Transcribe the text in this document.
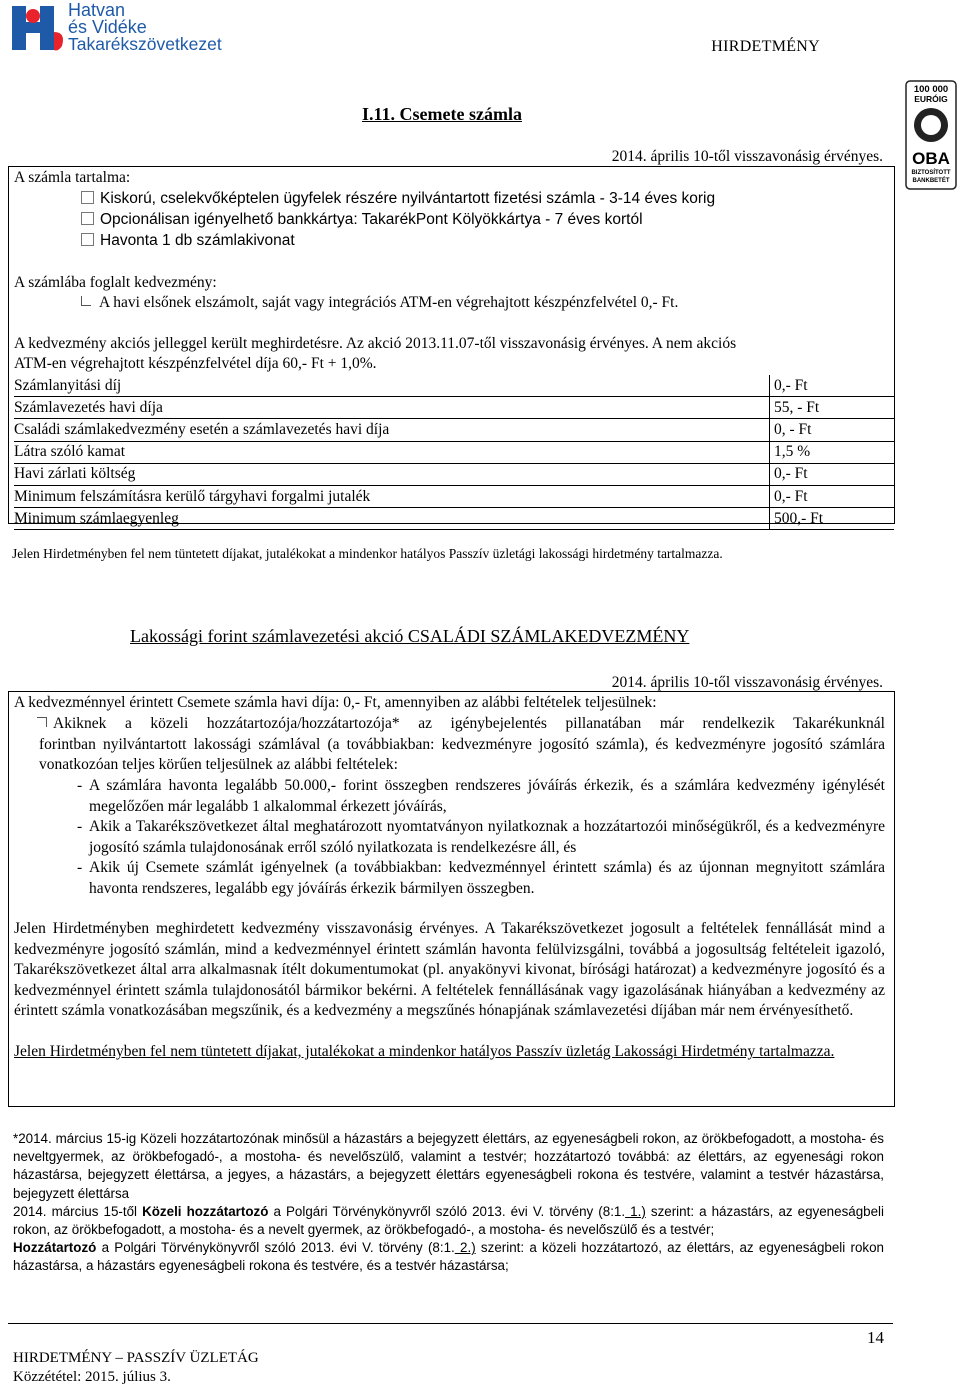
Hatvan
és Vidéke
Takarékszövetkezet	HIRDETMÉNY
100 000
EURÓIG
OBA
BIZTOSÍTOTT
BANKBETÉT
I.11. Csemete számla
2014. április 10-től visszavonásig érvényes.
A számla tartalma:
Kiskorú, cselekvőképtelen ügyfelek részére nyilvántartott fizetési számla - 3-14 éves korig
Opcionálisan igényelhető bankkártya: TakarékPont Kölyökkártya - 7 éves kortól
Havonta 1 db számlakivonat
A számlába foglalt kedvezmény:
A havi elsőnek elszámolt, saját vagy integrációs ATM-en végrehajtott készpénzfelvétel 0,- Ft.
A kedvezmény akciós jelleggel került meghirdetésre. Az akció 2013.11.07-től visszavonásig érvényes. A nem akciós
ATM-en végrehajtott készpénzfelvétel díja 60,- Ft + 1,0%.
Számlanyitási díj	0,- Ft
Számlavezetés havi díja	55, - Ft
Családi számlakedvezmény esetén a számlavezetés havi díja	0, - Ft
Látra szóló kamat	1,5 %
Havi zárlati költség	0,- Ft
Minimum felszámításra kerülő tárgyhavi forgalmi jutalék	0,- Ft
Minimum számlaegyenleg	500,- Ft
Jelen Hirdetményben fel nem tüntetett díjakat, jutalékokat a mindenkor hatályos Passzív üzletági lakossági hirdetmény tartalmazza.
Lakossági forint számlavezetési akció CSALÁDI SZÁMLAKEDVEZMÉNY
2014. április 10-től visszavonásig érvényes.
A kedvezménnyel érintett Csemete számla havi díja: 0,- Ft, amennyiben az alábbi feltételek teljesülnek:
Akiknek a közeli hozzátartozója/hozzátartozója* az igénybejelentés pillanatában már rendelkezik Takarékunknál
forintban nyilvántartott lakossági számlával (a továbbiakban: kedvezményre jogosító számla), és kedvezményre jogosító számlára vonatkozóan teljes körűen teljesülnek az alábbi feltételek:
- A számlára havonta legalább 50.000,- forint összegben rendszeres jóváírás érkezik, és a számlára kedvezmény igénylését megelőzően már legalább 1 alkalommal érkezett jóváírás,
- Akik a Takarékszövetkezet által meghatározott nyomtatványon nyilatkoznak a hozzátartozói minőségükről, és a kedvezményre jogosító számla tulajdonosának erről szóló nyilatkozata is rendelkezésre áll, és
- Akik új Csemete számlát igényelnek (a továbbiakban: kedvezménnyel érintett számla) és az újonnan megnyitott számlára havonta rendszeres, legalább egy jóváírás érkezik bármilyen összegben.
Jelen Hirdetményben meghirdetett kedvezmény visszavonásig érvényes. A Takarékszövetkezet jogosult a feltételek fennállását mind a kedvezményre jogosító számlán, mind a kedvezménnyel érintett számlán havonta felülvizsgálni, továbbá a jogosultság feltételeit igazoló, Takarékszövetkezet által arra alkalmasnak ítélt dokumentumokat (pl. anyakönyvi kivonat, bírósági határozat) a kedvezményre jogosító és a kedvezménnyel érintett számla tulajdonosától bármikor bekérni. A feltételek fennállásának vagy igazolásának hiányában a kedvezmény az érintett számla vonatkozásában megszűnik, és a kedvezmény a megszűnés hónapjának számlavezetési díjában már nem érvényesíthető.
Jelen Hirdetményben fel nem tüntetett díjakat, jutalékokat a mindenkor hatályos Passzív üzletág Lakossági Hirdetmény tartalmazza.
*2014. március 15-ig Közeli hozzátartozónak minősül a házastárs a bejegyzett élettárs, az egyeneságbeli rokon, az örökbefogadott, a mostoha- és neveltgyermek, az örökbefogadó-, a mostoha- és nevelőszülő, valamint a testvér; hozzátartozó továbbá: az élettárs, az egyenesági rokon házastársa, bejegyzett élettársa, a jegyes, a házastárs, a bejegyzett élettárs egyeneságbeli rokona és testvére, valamint a testvér házastársa, bejegyzett élettársa
2014. március 15-től Közeli hozzátartozó a Polgári Törvénykönyvről szóló 2013. évi V. törvény (8:1. 1.) szerint: a házastárs, az egyeneságbeli rokon, az örökbefogadott, a mostoha- és a nevelt gyermek, az örökbefogadó-, a mostoha- és nevelőszülő és a testvér;
Hozzátartozó a Polgári Törvénykönyvről szóló 2013. évi V. törvény (8:1. 2.) szerint: a közeli hozzátartozó, az élettárs, az egyeneságbeli rokon házastársa, a házastárs egyeneságbeli rokona és testvére, és a testvér házastársa;
14
HIRDETMÉNY – PASSZÍV ÜZLETÁG
Közzététel: 2015. július 3.
